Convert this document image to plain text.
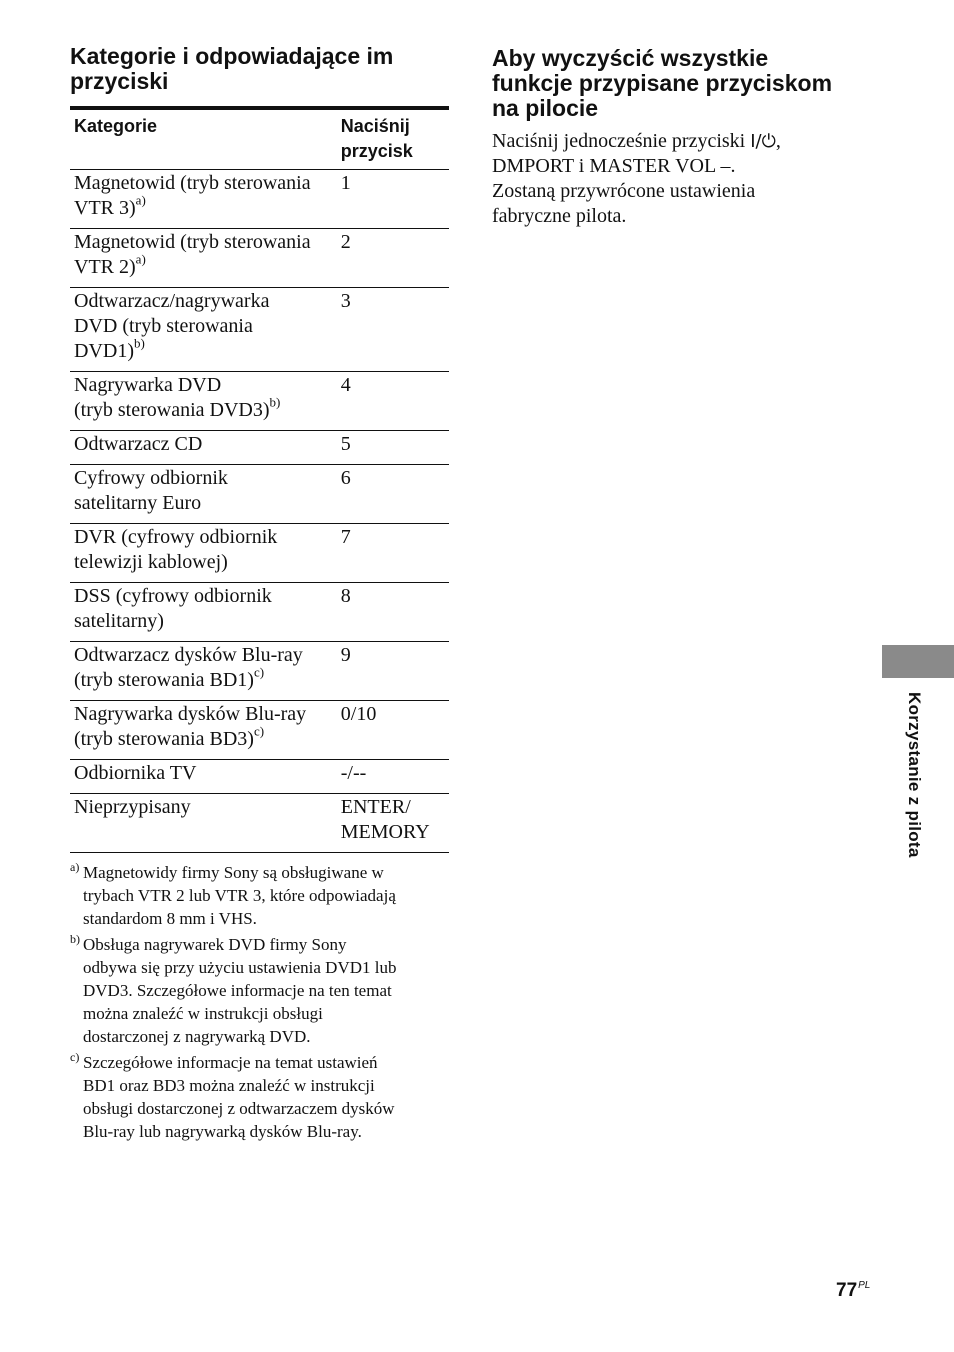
Kategorie i odpowiadające im
przyciski
Kategorie	Naciśnij
przycisk
Magnetowid (tryb sterowania
VTR 3)$^{a)}$	1
Magnetowid (tryb sterowania
VTR 2)$^{a)}$	2
Odtwarzacz/nagrywarka
DVD (tryb sterowania
DVD1)$^{b)}$	3
Nagrywarka DVD
(tryb sterowania DVD3)$^{b)}$	4
Odtwarzacz CD	5
Cyfrowy odbiornik
satelitarny Euro	6
DVR (cyfrowy odbiornik
telewizji kablowej)	7
DSS (cyfrowy odbiornik
satelitarny)	8
Odtwarzacz dysków Blu-ray
(tryb sterowania BD1)$^{c)}$	9
Nagrywarka dysków Blu-ray
(tryb sterowania BD3)$^{c)}$	0/10
Odbiornika TV	-/--
Nieprzypisany	ENTER/
MEMORY
a) Magnetowidy firmy Sony są obsługiwane w
trybach VTR 2 lub VTR 3, które odpowiadają
standardom 8 mm i VHS.
b) Obsługa nagrywarek DVD firmy Sony
odbywa się przy użyciu ustawienia DVD1 lub
DVD3. Szczegółowe informacje na ten temat
można znaleźć w instrukcji obsługi
dostarczonej z nagrywarką DVD.
c) Szczegółowe informacje na temat ustawień
BD1 oraz BD3 można znaleźć w instrukcji
obsługi dostarczonej z odtwarzaczem dysków
Blu-ray lub nagrywarką dysków Blu-ray.
Aby wyczyścić wszystkie
funkcje przypisane przyciskom
na pilocie

Naciśnij jednocześnie przyciski I/⏻,
DMPORT i MASTER VOL –.
Zostaną przywrócone ustawienia
fabryczne pilota.

Korzystanie z pilota
$77^{PL}$
